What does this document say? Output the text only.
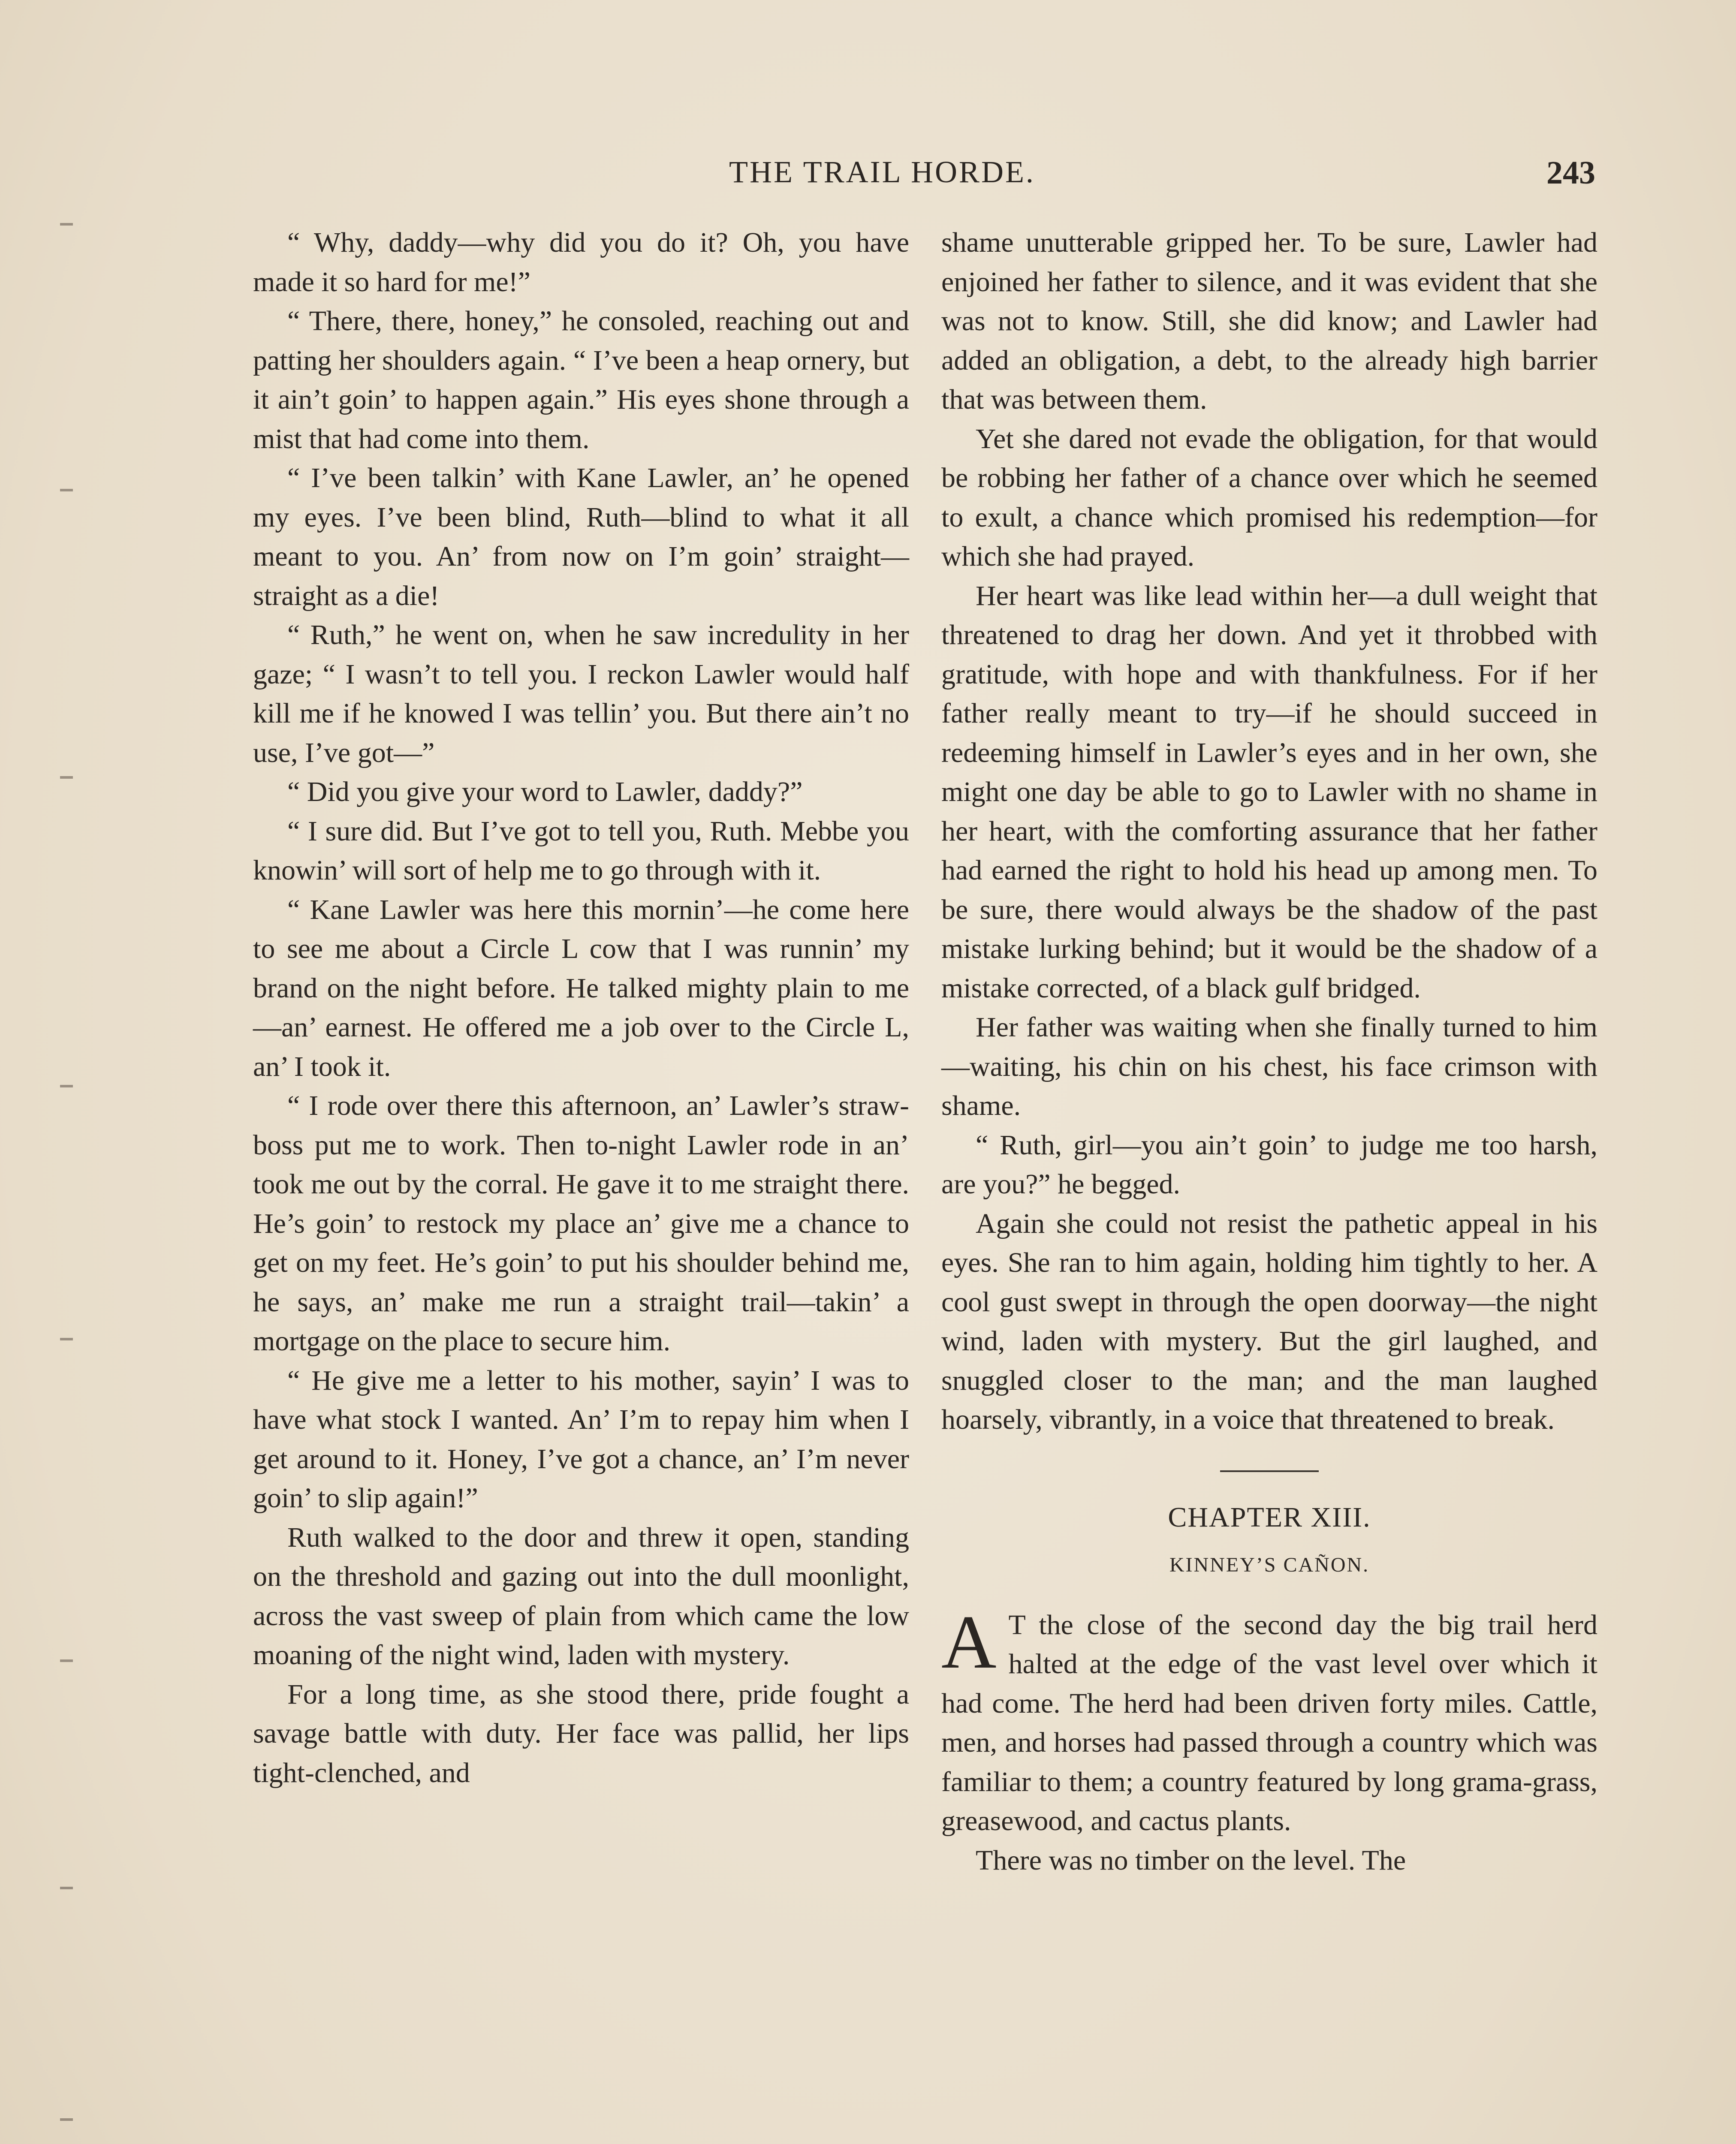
THE TRAIL HORDE.	243

“ Why, daddy—why did you do it? Oh, you have made it so hard for me!”

“ There, there, honey,” he consoled, reaching out and patting her shoulders again. “ I’ve been a heap ornery, but it ain’t goin’ to happen again.” His eyes shone through a mist that had come into them.

“ I’ve been talkin’ with Kane Lawler, an’ he opened my eyes. I’ve been blind, Ruth—blind to what it all meant to you. An’ from now on I’m goin’ straight—straight as a die!

“ Ruth,” he went on, when he saw incredulity in her gaze; “ I wasn’t to tell you. I reckon Lawler would half kill me if he knowed I was tellin’ you. But there ain’t no use, I’ve got—”

“ Did you give your word to Lawler, daddy?”

“ I sure did. But I’ve got to tell you, Ruth. Mebbe you knowin’ will sort of help me to go through with it.

“ Kane Lawler was here this mornin’—he come here to see me about a Circle L cow that I was runnin’ my brand on the night before. He talked mighty plain to me—an’ earnest. He offered me a job over to the Circle L, an’ I took it.

“ I rode over there this afternoon, an’ Lawler’s straw-boss put me to work. Then to-night Lawler rode in an’ took me out by the corral. He gave it to me straight there. He’s goin’ to restock my place an’ give me a chance to get on my feet. He’s goin’ to put his shoulder behind me, he says, an’ make me run a straight trail—takin’ a mortgage on the place to secure him.

“ He give me a letter to his mother, sayin’ I was to have what stock I wanted. An’ I’m to repay him when I get around to it. Honey, I’ve got a chance, an’ I’m never goin’ to slip again!”

Ruth walked to the door and threw it open, standing on the threshold and gazing out into the dull moonlight, across the vast sweep of plain from which came the low moaning of the night wind, laden with mystery.

For a long time, as she stood there, pride fought a savage battle with duty. Her face was pallid, her lips tight-clenched, and

shame unutterable gripped her. To be sure, Lawler had enjoined her father to silence, and it was evident that she was not to know. Still, she did know; and Lawler had added an obligation, a debt, to the already high barrier that was between them.

Yet she dared not evade the obligation, for that would be robbing her father of a chance over which he seemed to exult, a chance which promised his redemption—for which she had prayed.

Her heart was like lead within her—a dull weight that threatened to drag her down. And yet it throbbed with gratitude, with hope and with thankfulness. For if her father really meant to try—if he should succeed in redeeming himself in Lawler’s eyes and in her own, she might one day be able to go to Lawler with no shame in her heart, with the comforting assurance that her father had earned the right to hold his head up among men. To be sure, there would always be the shadow of the past mistake lurking behind; but it would be the shadow of a mistake corrected, of a black gulf bridged.

Her father was waiting when she finally turned to him—waiting, his chin on his chest, his face crimson with shame.

“ Ruth, girl—you ain’t goin’ to judge me too harsh, are you?” he begged.

Again she could not resist the pathetic appeal in his eyes. She ran to him again, holding him tightly to her. A cool gust swept in through the open doorway—the night wind, laden with mystery. But the girl laughed, and snuggled closer to the man; and the man laughed hoarsely, vibrantly, in a voice that threatened to break.

CHAPTER XIII.
KINNEY’S CAÑON.

A T the close of the second day the big trail herd halted at the edge of the vast level over which it had come. The herd had been driven forty miles. Cattle, men, and horses had passed through a country which was familiar to them; a country featured by long grama-grass, greasewood, and cactus plants.

There was no timber on the level. The
